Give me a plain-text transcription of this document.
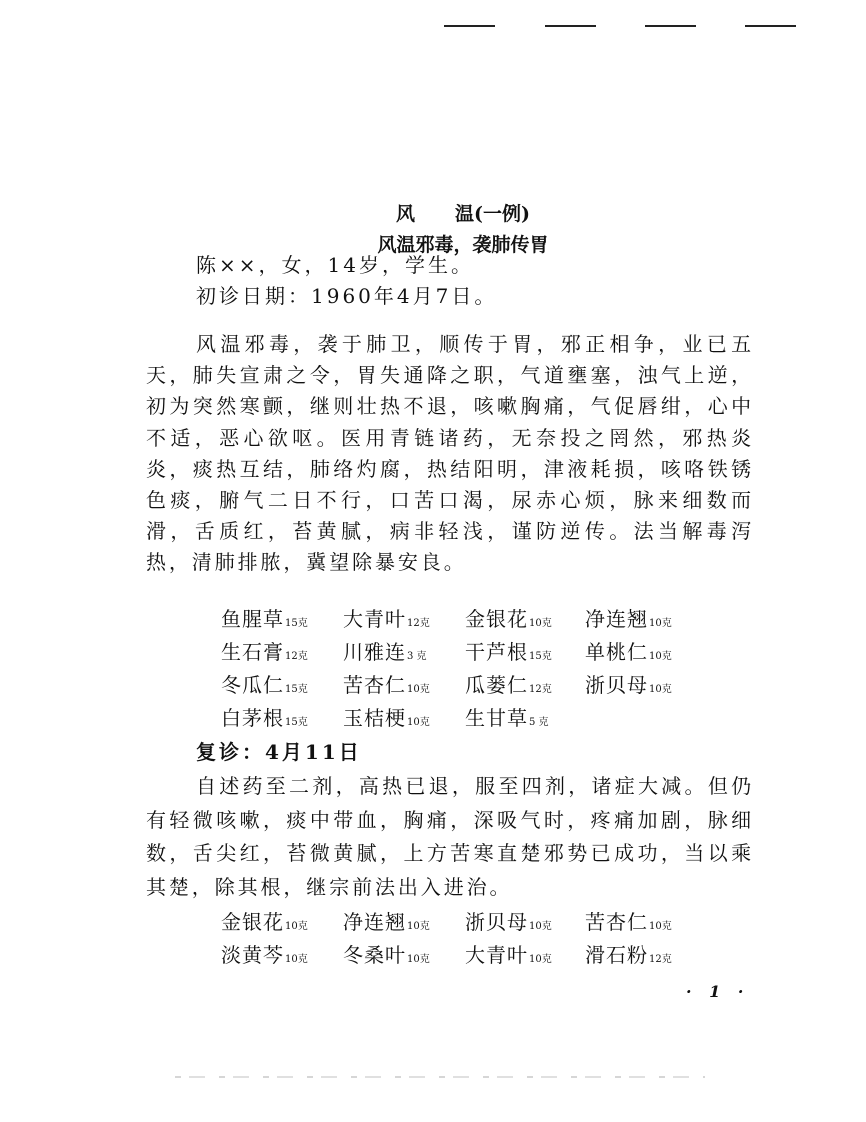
风 温(一例)
风温邪毒，袭肺传胃
陈××，女，14岁，学生。
初诊日期：1960年4月7日。
风温邪毒，袭于肺卫，顺传于胃，邪正相争，业已五天，肺失宣肃之令，胃失通降之职，气道壅塞，浊气上逆，初为突然寒颤，继则壮热不退，咳嗽胸痛，气促唇绀，心中不适，恶心欲呕。医用青链诸药，无奈投之罔然，邪热炎炎，痰热互结，肺络灼腐，热结阳明，津液耗损，咳咯铁锈色痰，腑气二日不行，口苦口渴，尿赤心烦，脉来细数而滑，舌质红，苔黄腻，病非轻浅，谨防逆传。法当解毒泻热，清肺排脓，冀望除暴安良。
鱼腥草15克	大青叶12克	金银花10克	净连翘10克
生石膏12克	川雅连3 克	干芦根15克	单桃仁10克
冬瓜仁15克	苦杏仁10克	瓜蒌仁12克	浙贝母10克
白茅根15克	玉桔梗10克	生甘草5 克
复诊：4月11日
自述药至二剂，高热已退，服至四剂，诸症大减。但仍有轻微咳嗽，痰中带血，胸痛，深吸气时，疼痛加剧，脉细数，舌尖红，苔微黄腻，上方苦寒直楚邪势已成功，当以乘其楚，除其根，继宗前法出入进治。
金银花10克	净连翘10克	浙贝母10克	苦杏仁10克
淡黄芩10克	冬桑叶10克	大青叶10克	滑石粉12克
· 1 ·
